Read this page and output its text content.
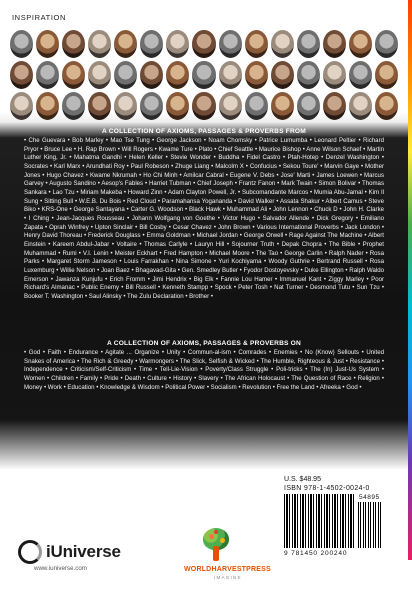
INSPIRATION
A COLLECTION OF AXIOMS, PASSAGES & PROVERBS FROM
• Che Guevara • Bob Marley • Mao Tse Tung • George Jackson • Noam Chomsky • Patrice Lumumba • Leonard Peltier • Richard Pryor • Bruce Lee • H. Rap Brown • Will Rogers • Kwame Ture • Plato • Chief Seattle • Maurice Bishop • Anne Wilson Schaef • Martin Luther King, Jr. • Mahatma Gandhi • Helen Keller • Stevie Wonder • Buddha • Fidel Castro • Ptah-Hotep • Denzel Washington • Socrates • Karl Marx • Arundhati Roy • Paul Robeson • Zhuge Liang • Malcolm X • Confucius • Sekou Toure' • Marvin Gaye • Mother Jones • Hugo Chavez • Kwame Nkrumah • Ho Chi Minh • Amilcar Cabral • Eugene V. Debs • Jose' Marti • James Loewen • Marcus Garvey • Augusto Sandino • Aesop's Fables • Harriet Tubman • Chief Joseph • Frantz Fanon • Mark Twain • Simon Bolivar • Thomas Sankara • Lao Tzu • Miriam Makeba • Howard Zinn • Adam Clayton Powell, Jr. • Subcomandante Marcos • Mumia Abu-Jamal • Kim Il Sung • Sitting Bull • W.E.B. Du Bois • Red Cloud • Paramahansa Yogananda • David Walker • Assata Shakur • Albert Camus • Steve Biko • KRS-One • George Santayana • Carter G. Woodson • Black Hawk • Muhammad Ali • John Lennon • Chuck D • John H. Clarke • I Ching • Jean-Jacques Rousseau • Johann Wolfgang von Goethe • Victor Hugo • Salvador Allende • Dick Gregory • Emiliano Zapata • Oprah Winfrey • Upton Sinclair • Bill Cosby • Cesar Chavez • John Brown • Various International Proverbs • Jack London • Henry David Thoreau • Frederick Douglass • Emma Goldman • Michael Jordan • George Orwell • Rage Against The Machine • Albert Einstein • Kareem Abdul-Jabar • Voltaire • Thomas Carlyle • Lauryn Hill • Sojourner Truth • Depak Chopra • The Bible • Prophet Muhammad • Rumi • V.I. Lenin • Meister Eckhart • Fred Hampton • Michael Moore • The Tao • George Carlin • Ralph Nader • Rosa Parks • Margaret Storm Jameson • Louis Farrakhan • Nina Simone • Yuri Kochiyama • Woody Guthrie • Bertrand Russell • Rosa Luxemburg • Willie Nelson • Joan Baez • Bhagavad-Gita • Gen. Smedley Butler • Fyodor Dostoyevsky • Duke Ellington • Ralph Waldo Emerson • Jawanza Kunjufu • Erich Fromm • Jimi Hendrix • Big Elk • Fannie Lou Hamer • Immanuel Kant • Ziggy Marley • Poor Richard's Almanac • Public Enemy • Bill Russell • Kenneth Stampp • Spock • Peter Tosh • Nat Turner • Desmond Tutu • Sun Tzu • Booker T. Washington • Saul Alinsky • The Zulu Declaration • Brother •
A COLLECTION OF AXIOMS, PASSAGES & PROVERBS ON
• God • Faith • Endurance • Agitate ... Organize • Unity • Commun-al-ism • Comrades • Enemies • No (Know) Sellouts • United Snakes of America • The Rich & Greedy • Warmongers • The Slick, Selfish & Wicked • The Humble, Righteous & Just • Resistance • Independence • Criticism/Self-Criticism • Time • Tell-Lie-Vision • Poverty/Class Struggle • Poli-tricks • The (In) Just-Us System • Women • Children • Family • Pride • Death • Culture • History • Slavery • The African Holocaust • The Question of Race • Religion • Money • Work • Education • Knowledge & Wisdom • Political Power • Socialism • Revolution • Free the Land • Afreeka • God •
U.S. $48.95
ISBN 978-1-4502-0024-0
54895
9 781450 200240
iUniverse
www.iuniverse.com	WORLDHARVESTPRESS
IMAGINE
